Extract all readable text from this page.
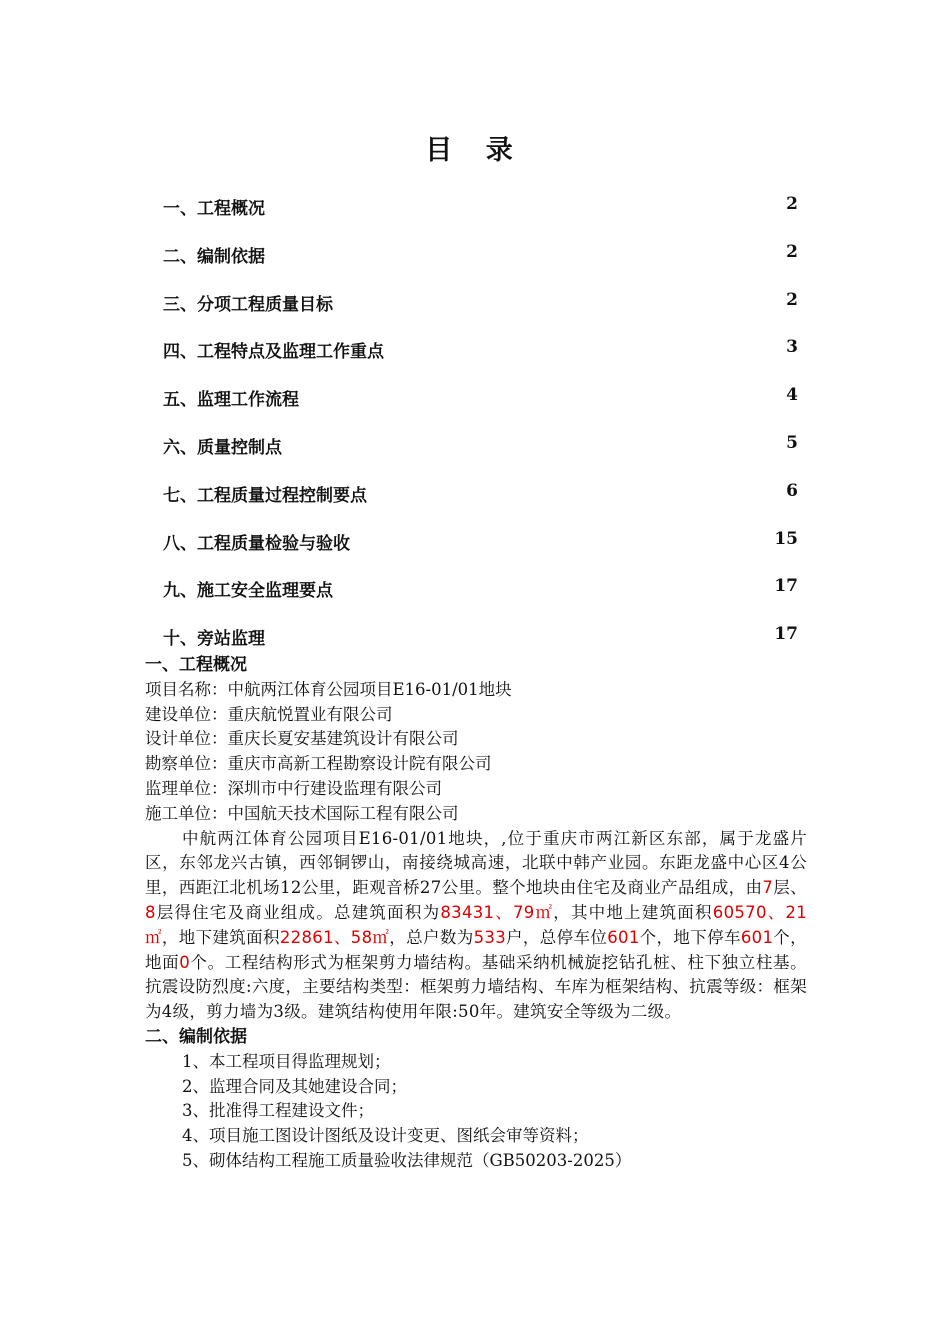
目 录
一、工程概况	2
二、编制依据	2
三、分项工程质量目标	2
四、工程特点及监理工作重点	3
五、监理工作流程	4
六、质量控制点	5
七、工程质量过程控制要点	6
八、工程质量检验与验收	15
九、施工安全监理要点	17
十、旁站监理	17
一、工程概况
项目名称：中航两江体育公园项目E16-01/01地块
建设单位：重庆航悦置业有限公司
设计单位：重庆长夏安基建筑设计有限公司
勘察单位：重庆市高新工程勘察设计院有限公司
监理单位：深圳市中行建设监理有限公司
施工单位：中国航天技术国际工程有限公司
中航两江体育公园项目E16-01/01地块，,位于重庆市两江新区东部，属于龙盛片区，东邻龙兴古镇，西邻铜锣山，南接绕城高速，北联中韩产业园。东距龙盛中心区4公里，西距江北机场12公里，距观音桥27公里。整个地块由住宅及商业产品组成，由7层、8层得住宅及商业组成。总建筑面积为83431、79㎡，其中地上建筑面积60570、21㎡，地下建筑面积22861、58㎡，总户数为533户，总停车位601个，地下停车601个，地面0个。工程结构形式为框架剪力墙结构。基础采纳机械旋挖钻孔桩、柱下独立柱基。抗震设防烈度:六度，主要结构类型：框架剪力墙结构、车库为框架结构、抗震等级：框架为4级，剪力墙为3级。建筑结构使用年限:50年。建筑安全等级为二级。
二、编制依据
1、本工程项目得监理规划；
2、监理合同及其她建设合同；
3、批准得工程建设文件；
4、项目施工图设计图纸及设计变更、图纸会审等资料；
5、砌体结构工程施工质量验收法律规范（GB50203-2025）
